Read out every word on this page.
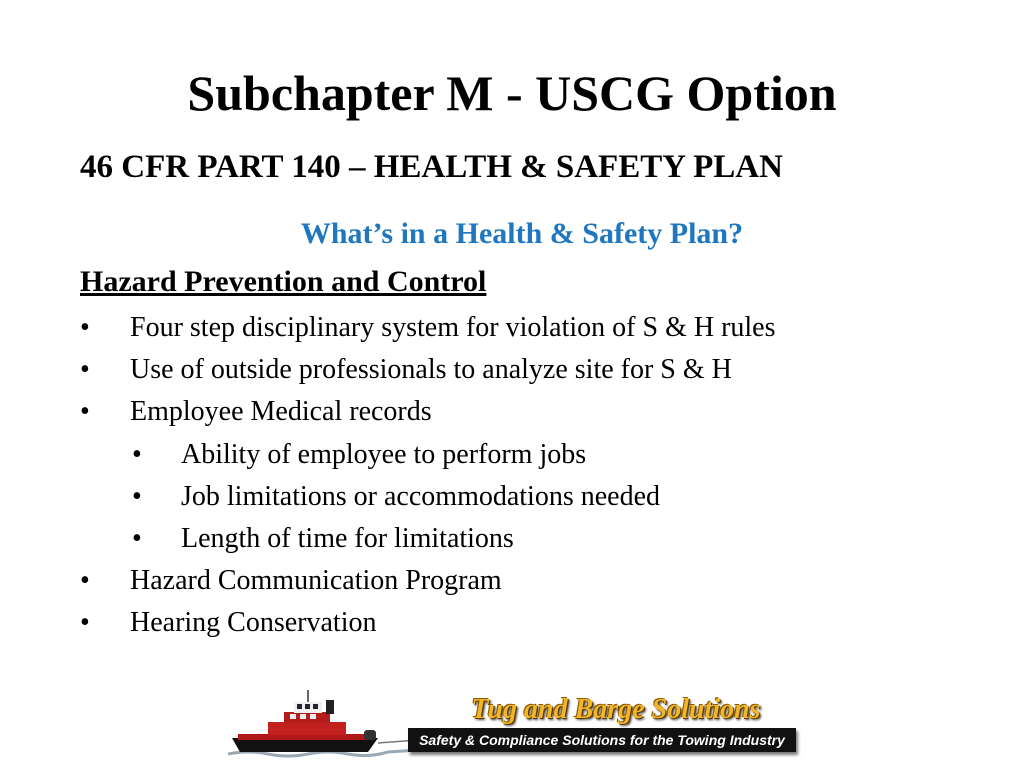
Subchapter M - USCG Option
46 CFR PART 140 – HEALTH & SAFETY PLAN
What’s in a Health & Safety Plan?
Hazard Prevention and Control
• Four step disciplinary system for violation of S & H rules
• Use of outside professionals to analyze site for S & H
• Employee Medical records
• Ability of employee to perform jobs
• Job limitations or accommodations needed
• Length of time for limitations
• Hazard Communication Program
• Hearing Conservation
Tug and Barge Solutions
Safety & Compliance Solutions for the Towing Industry
